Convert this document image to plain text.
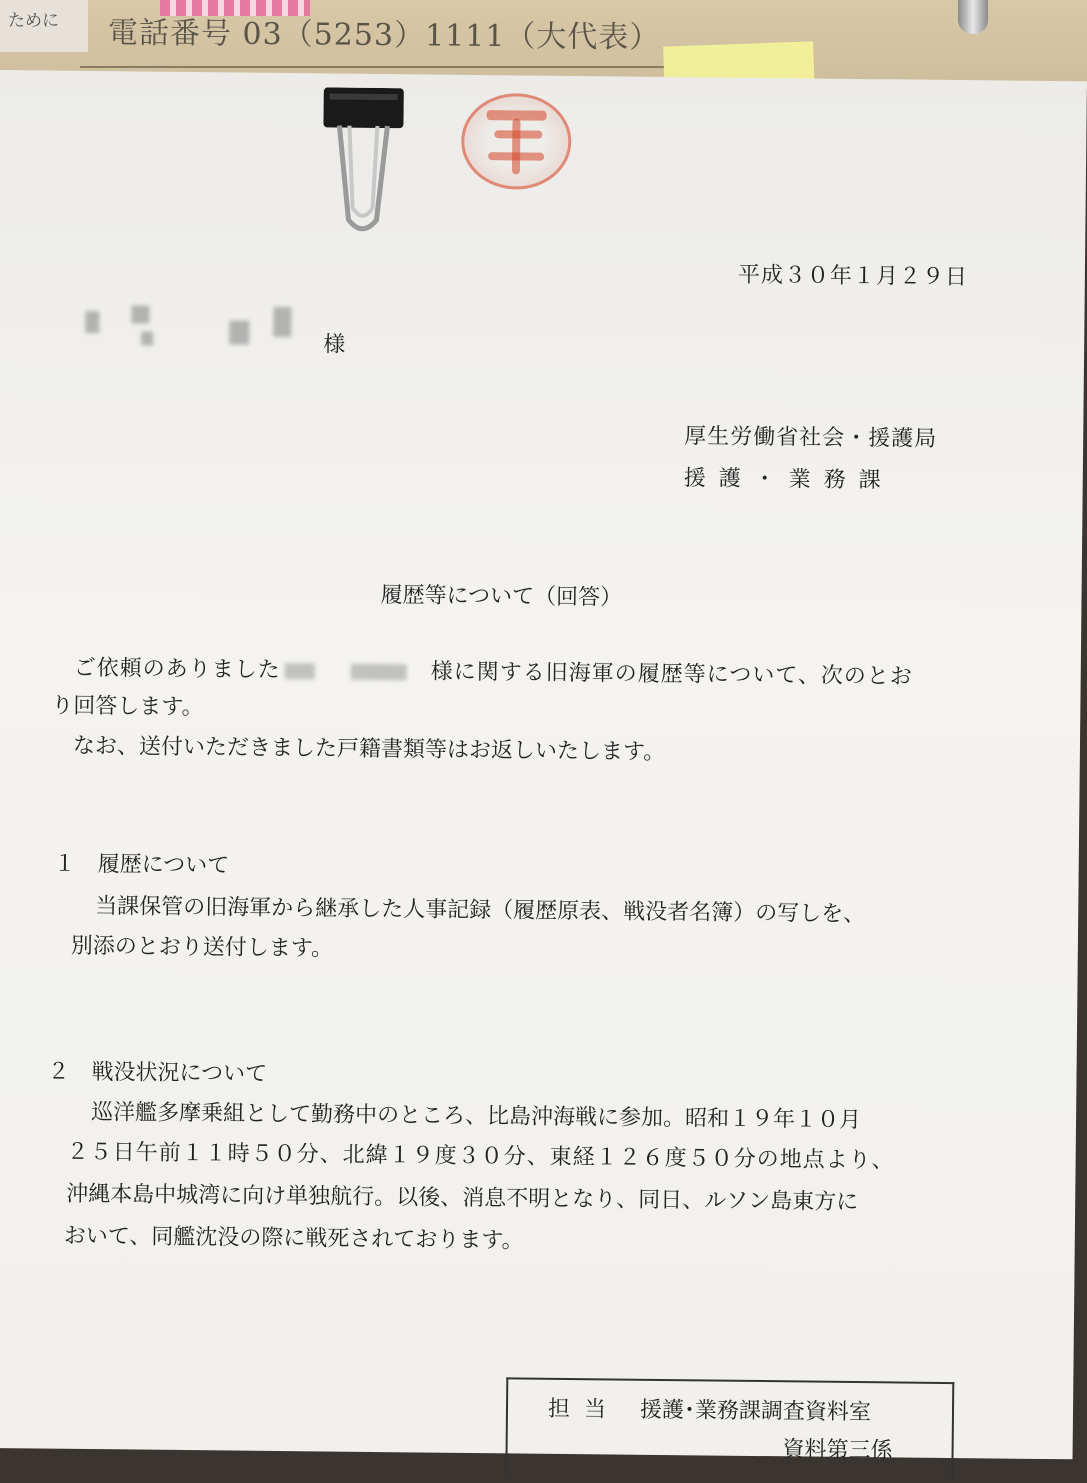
ために	電話番号 03（5253）1111（大代表）
平成３０年１月２９日
様
厚生労働省社会・援護局
援護・業務課
履歴等について（回答）
ご依頼のありました	様に関する旧海軍の履歴等について、次のとお
り回答します。
なお、送付いただきました戸籍書類等はお返しいたします。
１ 履歴について
当課保管の旧海軍から継承した人事記録（履歴原表、戦没者名簿）の写しを、
別添のとおり送付します。
２ 戦没状況について
巡洋艦多摩乗組として勤務中のところ、比島沖海戦に参加。昭和１９年１０月
２５日午前１１時５０分、北緯１９度３０分、東経１２６度５０分の地点より、
沖縄本島中城湾に向け単独航行。以後、消息不明となり、同日、ルソン島東方に
おいて、同艦沈没の際に戦死されております。
担当 援護･業務課調査資料室
資料第三係
